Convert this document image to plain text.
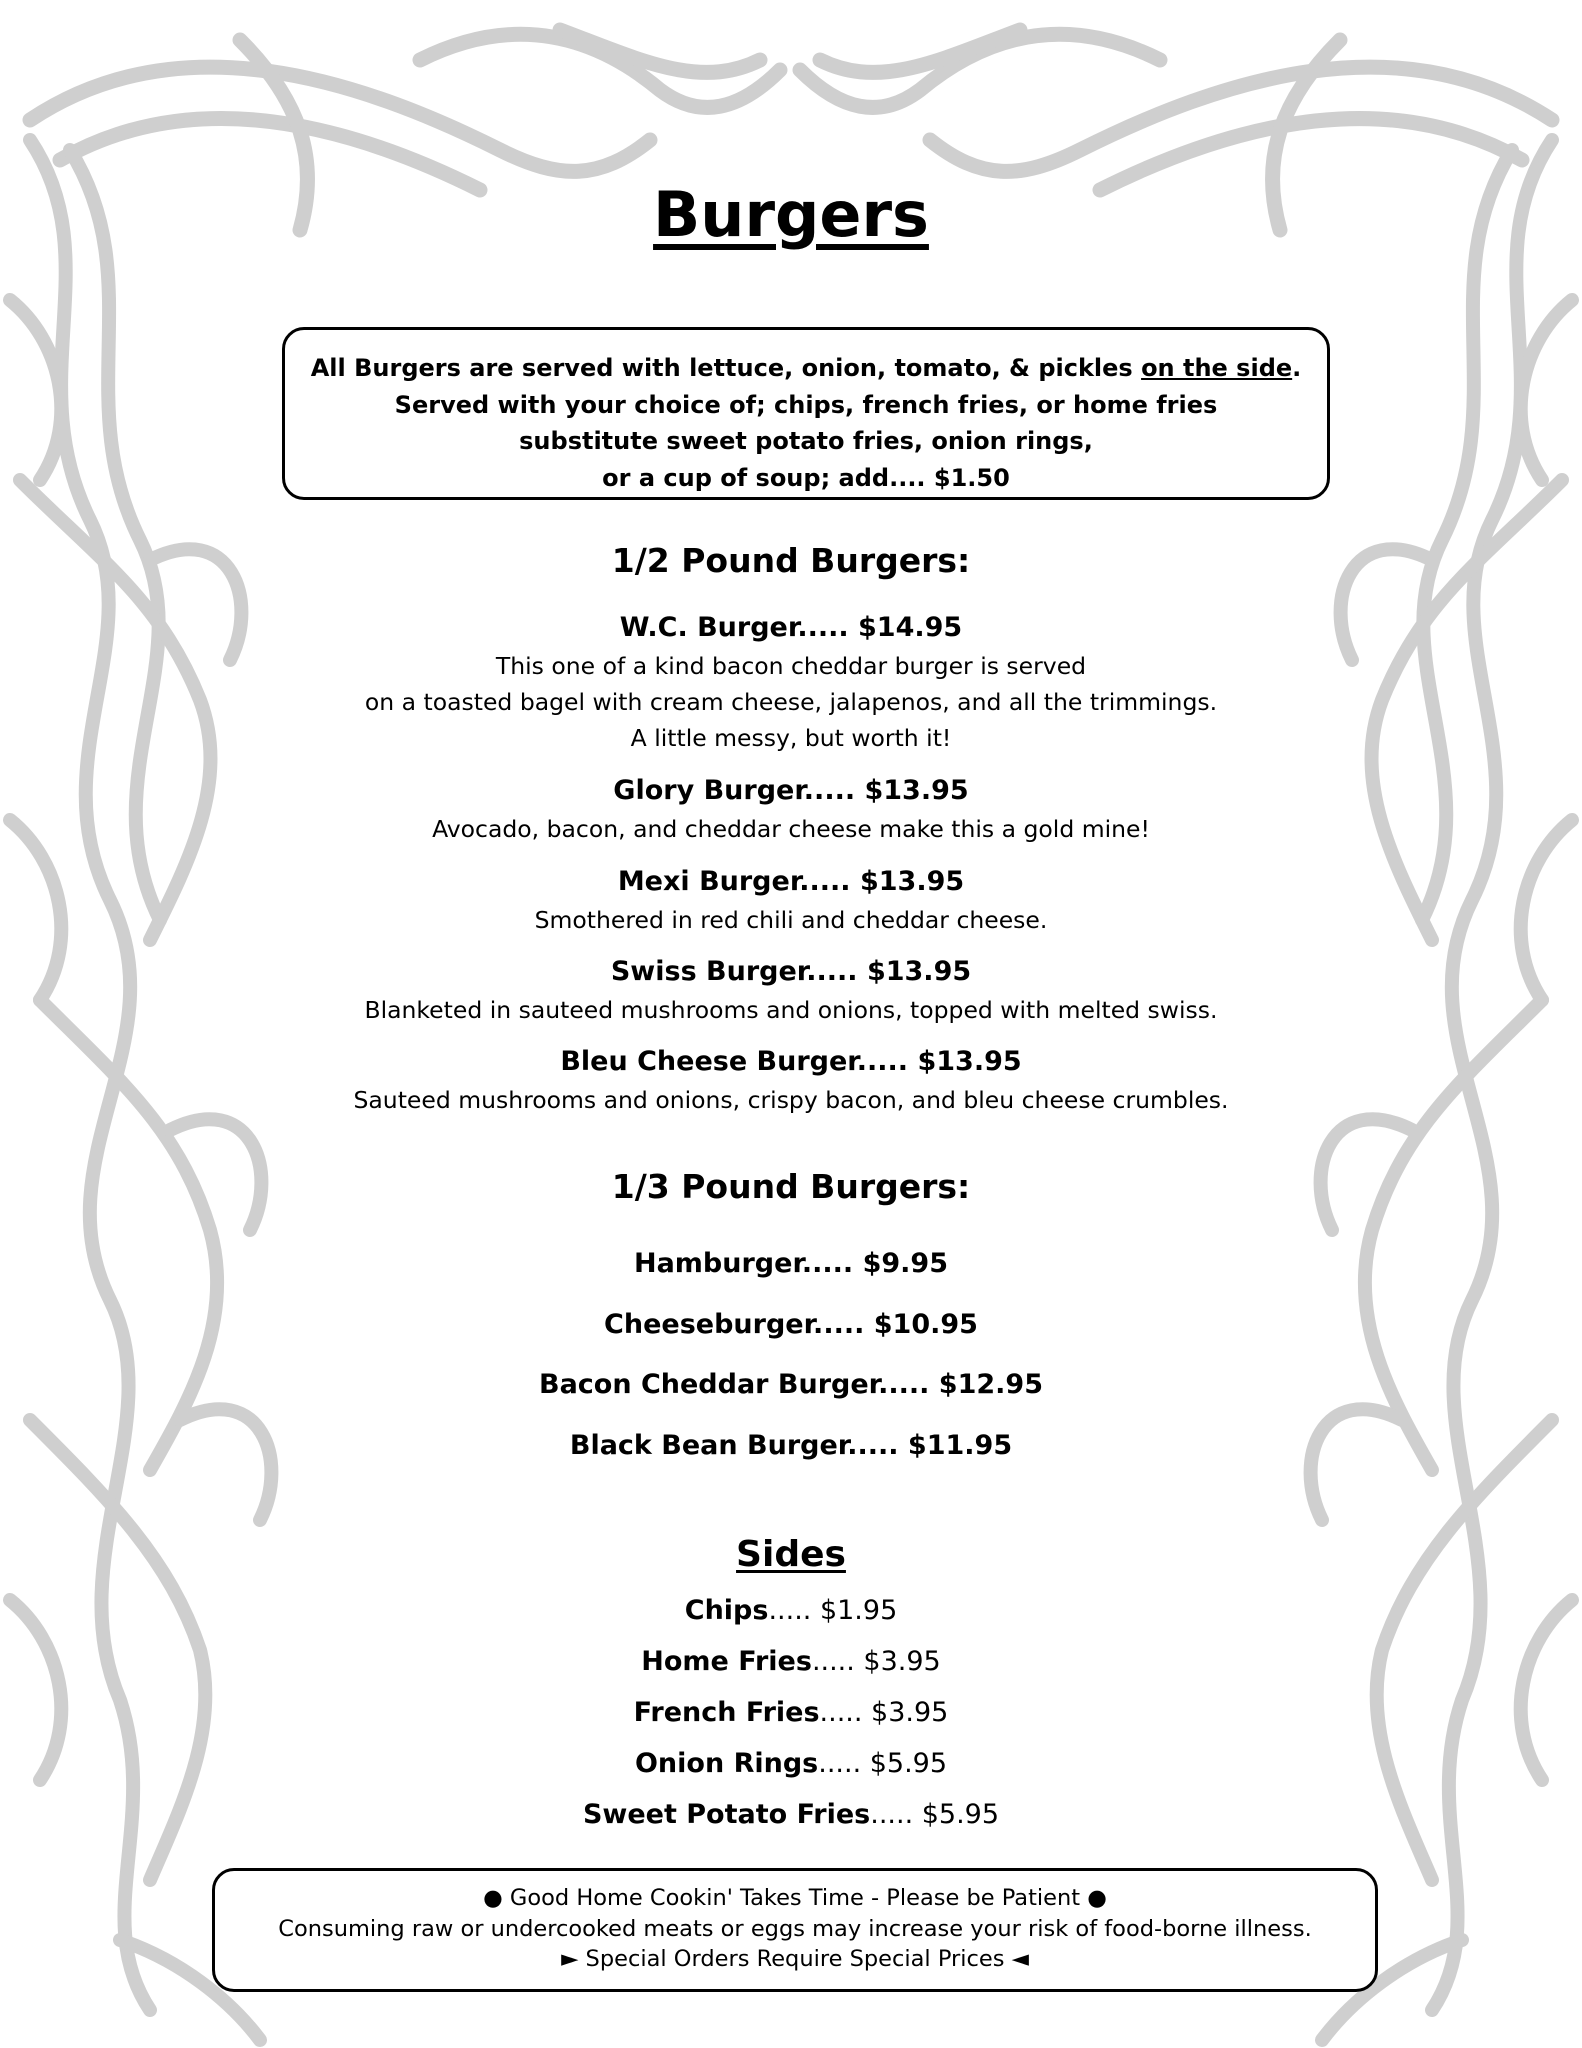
Burgers
All Burgers are served with lettuce, onion, tomato, & pickles on the side.
Served with your choice of; chips, french fries, or home fries
substitute sweet potato fries, onion rings,
or a cup of soup; add.... $1.50
1/2 Pound Burgers:
W.C. Burger..... $14.95
This one of a kind bacon cheddar burger is served
on a toasted bagel with cream cheese, jalapenos, and all the trimmings.
A little messy, but worth it!
Glory Burger..... $13.95
Avocado, bacon, and cheddar cheese make this a gold mine!
Mexi Burger..... $13.95
Smothered in red chili and cheddar cheese.
Swiss Burger..... $13.95
Blanketed in sauteed mushrooms and onions, topped with melted swiss.
Bleu Cheese Burger..... $13.95
Sauteed mushrooms and onions, crispy bacon, and bleu cheese crumbles.
1/3 Pound Burgers:
Hamburger..... $9.95
Cheeseburger..... $10.95
Bacon Cheddar Burger..... $12.95
Black Bean Burger..... $11.95
Sides
Chips..... $1.95
Home Fries..... $3.95
French Fries..... $3.95
Onion Rings..... $5.95
Sweet Potato Fries..... $5.95
● Good Home Cookin' Takes Time - Please be Patient ●
Consuming raw or undercooked meats or eggs may increase your risk of food-borne illness.
► Special Orders Require Special Prices ◄
